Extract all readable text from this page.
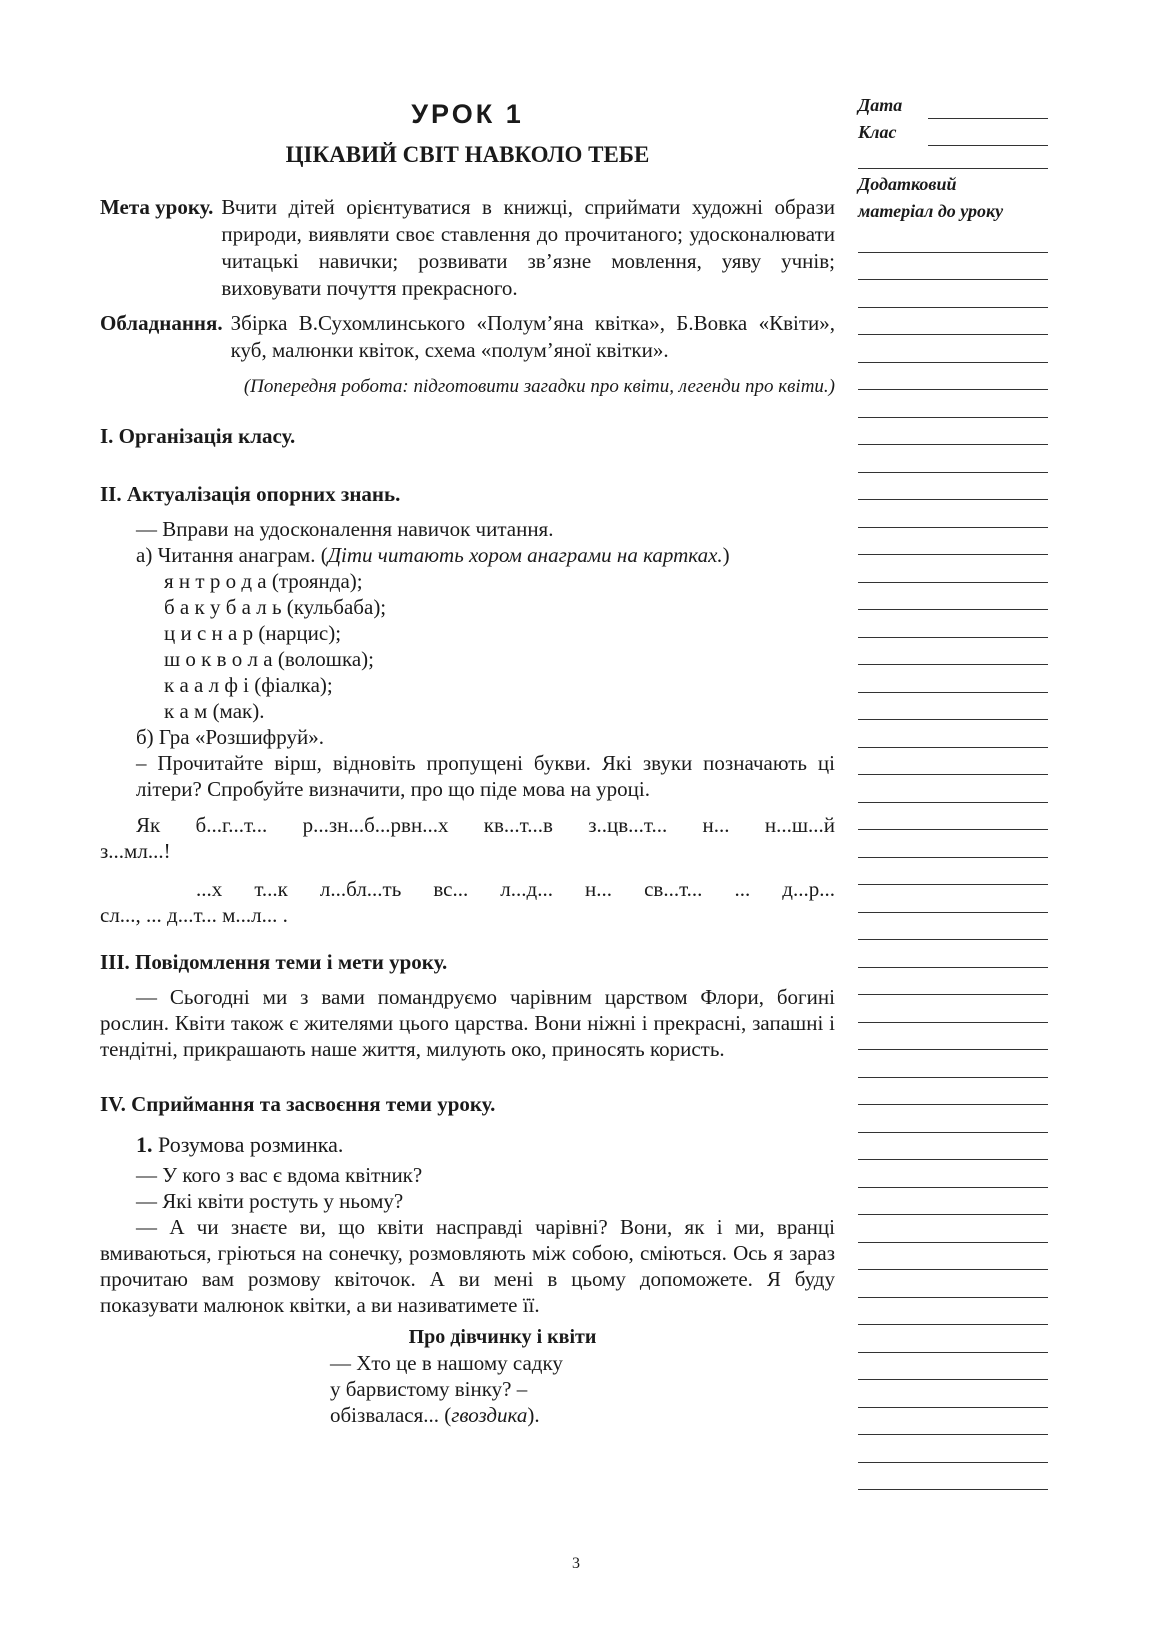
УРОК 1
ЦІКАВИЙ СВІТ НАВКОЛО ТЕБЕ
Мета уроку. Вчити дітей орієнтуватися в книжці, сприймати художні образи природи, виявляти своє ставлення до прочитаного; удосконалювати читацькі навички; розвивати зв’язне мовлення, уяву учнів; виховувати почуття прекрасного.
Обладнання. Збірка В.Сухомлинського «Полум’яна квітка», Б.Вовка «Квіти», куб, малюнки квіток, схема «полум’яної квітки».
(Попередня робота: підготовити загадки про квіти, легенди про квіти.)

І. Організація класу.

ІІ. Актуалізація опорних знань.

— Вправи на удосконалення навичок читання.

а) Читання анаграм. (Діти читають хором анаграми на картках.)

я н т р о д а (троянда);

б а к у б а л ь (кульбаба);

ц и с н а р (нарцис);

ш о к в о л а (волошка);

к а а л ф і (фіалка);

к а м (мак).

б) Гра «Розшифруй».

– Прочитайте вірш, відновіть пропущені букви. Які звуки позначають ці літери? Спробуйте визначити, про що піде мова на уроці.

Як б...г...т... р...зн...б...рвн...х кв...т...в з..цв...т... н... н...ш...й

з...мл...!

...х т...к л...бл...ть вс... л...д... н... св...т... ... д...р...

сл..., ... д...т... м...л... .

ІІІ. Повідомлення теми і мети уроку.

— Сьогодні ми з вами помандруємо чарівним царством Флори, богині рослин. Квіти також є жителями цього царства. Вони ніжні і прекрасні, запашні і тендітні, прикрашають наше життя, милують око, приносять користь.

ІV. Сприймання та засвоєння теми уроку.

1. Розумова розминка.

— У кого з вас є вдома квітник?

— Які квіти ростуть у ньому?

— А чи знаєте ви, що квіти насправді чарівні? Вони, як і ми, вранці вмиваються, гріються на сонечку, розмовляють між собою, сміються. Ось я зараз прочитаю вам розмову квіточок. А ви мені в цьому допоможете. Я буду показувати малюнок квітки, а ви називатимете її.

Про дівчинку і квіти
— Хто це в нашому садку
у барвистому вінку? –
обізвалася... (гвоздика).
Дата
Клас
Додатковий
матеріал до уроку
3
